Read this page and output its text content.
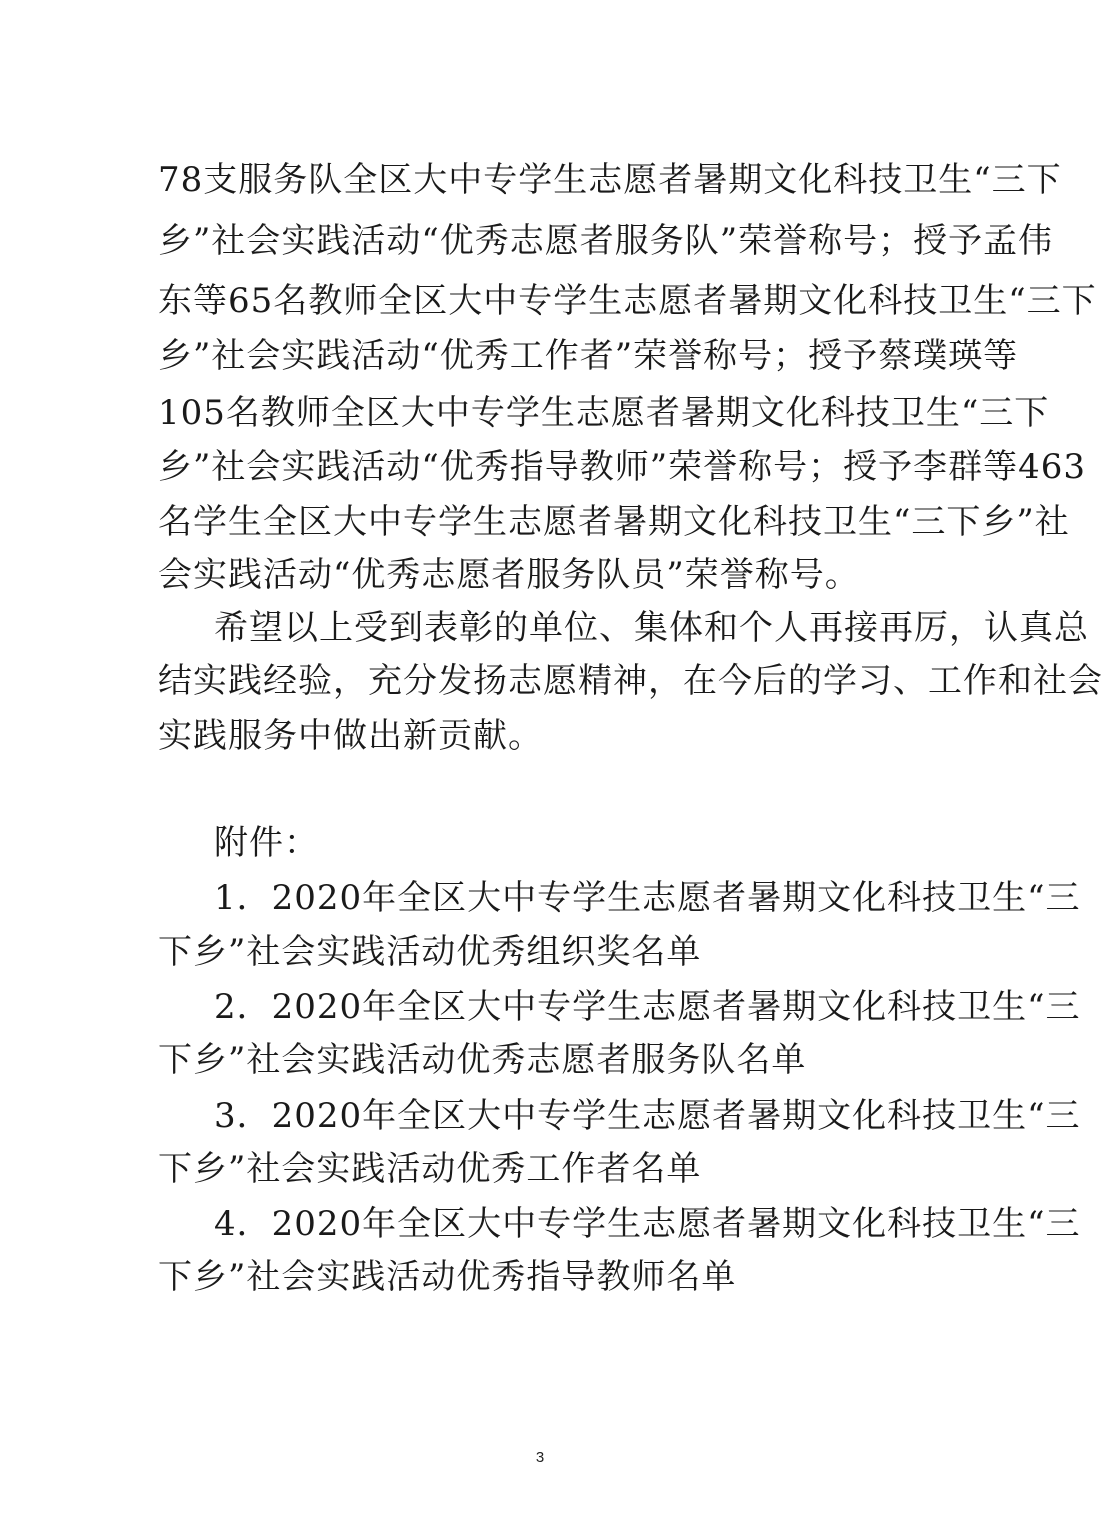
78支服务队全区大中专学生志愿者暑期文化科技卫生“三下
乡”社会实践活动“优秀志愿者服务队”荣誉称号；授予孟伟
东等65名教师全区大中专学生志愿者暑期文化科技卫生“三下
乡”社会实践活动“优秀工作者”荣誉称号；授予蔡璞瑛等
105名教师全区大中专学生志愿者暑期文化科技卫生“三下
乡”社会实践活动“优秀指导教师”荣誉称号；授予李群等463
名学生全区大中专学生志愿者暑期文化科技卫生“三下乡”社
会实践活动“优秀志愿者服务队员”荣誉称号。
希望以上受到表彰的单位、集体和个人再接再厉，认真总
结实践经验，充分发扬志愿精神，在今后的学习、工作和社会
实践服务中做出新贡献。
附件：
1．2020年全区大中专学生志愿者暑期文化科技卫生“三
下乡”社会实践活动优秀组织奖名单
2．2020年全区大中专学生志愿者暑期文化科技卫生“三
下乡”社会实践活动优秀志愿者服务队名单
3．2020年全区大中专学生志愿者暑期文化科技卫生“三
下乡”社会实践活动优秀工作者名单
4．2020年全区大中专学生志愿者暑期文化科技卫生“三
下乡”社会实践活动优秀指导教师名单
3
